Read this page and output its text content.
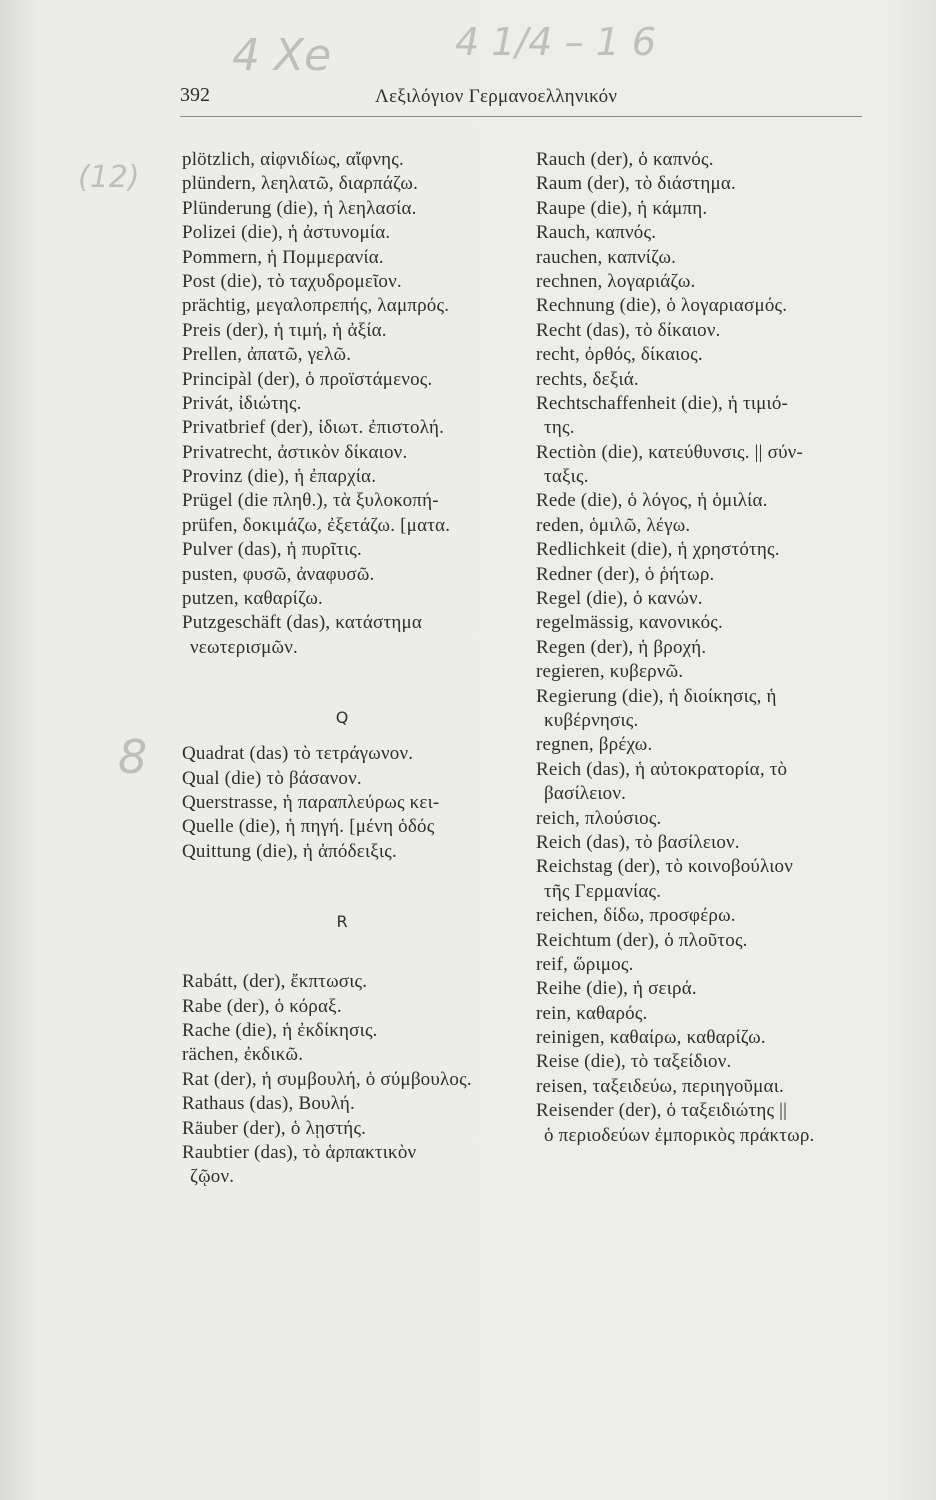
4 Xe	4 1/4 – 1 6
(12)
8
392	Λεξιλόγιον Γερμανοελληνικόν
plötzlich, αἰφνιδίως, αἴφνης.
plündern, λεηλατῶ, διαρπάζω.
Plünderung (die), ἡ λεηλασία.
Polizei (die), ἡ ἀστυνομία.
Pommern, ἡ Πομμερανία.
Post (die), τὸ ταχυδρομεῖον.
prächtig, μεγαλοπρεπής, λαμπρός.
Preis (der), ἡ τιμή, ἡ ἀξία.
Prellen, ἀπατῶ, γελῶ.
Principàl (der), ὁ προϊστάμενος.
Privát, ἰδιώτης.
Privatbrief (der), ἰδιωτ. ἐπιστολή.
Privatrecht, ἀστικὸν δίκαιον.
Provinz (die), ἡ ἐπαρχία.
Prügel (die πληθ.), τὰ ξυλοκοπή-
prüfen, δοκιμάζω, ἐξετάζω. [ματα.
Pulver (das), ἡ πυρῖτις.
pusten, φυσῶ, ἀναφυσῶ.
putzen, καθαρίζω.
Putzgeschäft (das), κατάστημα
νεωτερισμῶν.
Q
Quadrat (das) τὸ τετράγωνον.
Qual (die) τὸ βάσανον.
Querstrasse, ἡ παραπλεύρως κει-
Quelle (die), ἡ πηγή. [μένη ὁδός
Quittung (die), ἡ ἀπόδειξις.
R
Rabátt, (der), ἔκπτωσις.
Rabe (der), ὁ κόραξ.
Rache (die), ἡ ἐκδίκησις.
rächen, ἐκδικῶ.
Rat (der), ἡ συμβουλή, ὁ σύμβουλος.
Rathaus (das), Βουλή.
Räuber (der), ὁ λῃστής.
Raubtier (das), τὸ ἁρπακτικὸν
ζῷον.
Rauch (der), ὁ καπνός.
Raum (der), τὸ διάστημα.
Raupe (die), ἡ κάμπη.
Rauch, καπνός.
rauchen, καπνίζω.
rechnen, λογαριάζω.
Rechnung (die), ὁ λογαριασμός.
Recht (das), τὸ δίκαιον.
recht, ὀρθός, δίκαιος.
rechts, δεξιά.
Rechtschaffenheit (die), ἡ τιμιό-
της.
Rectiòn (die), κατεύθυνσις. || σύν-
ταξις.
Rede (die), ὁ λόγος, ἡ ὁμιλία.
reden, ὁμιλῶ, λέγω.
Redlichkeit (die), ἡ χρηστότης.
Redner (der), ὁ ῥήτωρ.
Regel (die), ὁ κανών.
regelmässig, κανονικός.
Regen (der), ἡ βροχή.
regieren, κυβερνῶ.
Regierung (die), ἡ διοίκησις, ἡ
κυβέρνησις.
regnen, βρέχω.
Reich (das), ἡ αὐτοκρατορία, τὸ
βασίλειον.
reich, πλούσιος.
Reich (das), τὸ βασίλειον.
Reichstag (der), τὸ κοινοβούλιον
τῆς Γερμανίας.
reichen, δίδω, προσφέρω.
Reichtum (der), ὁ πλοῦτος.
reif, ὥριμος.
Reihe (die), ἡ σειρά.
rein, καθαρός.
reinigen, καθαίρω, καθαρίζω.
Reise (die), τὸ ταξείδιον.
reisen, ταξειδεύω, περιηγοῦμαι.
Reisender (der), ὁ ταξειδιώτης ||
ὁ περιοδεύων ἐμπορικὸς πράκτωρ.
